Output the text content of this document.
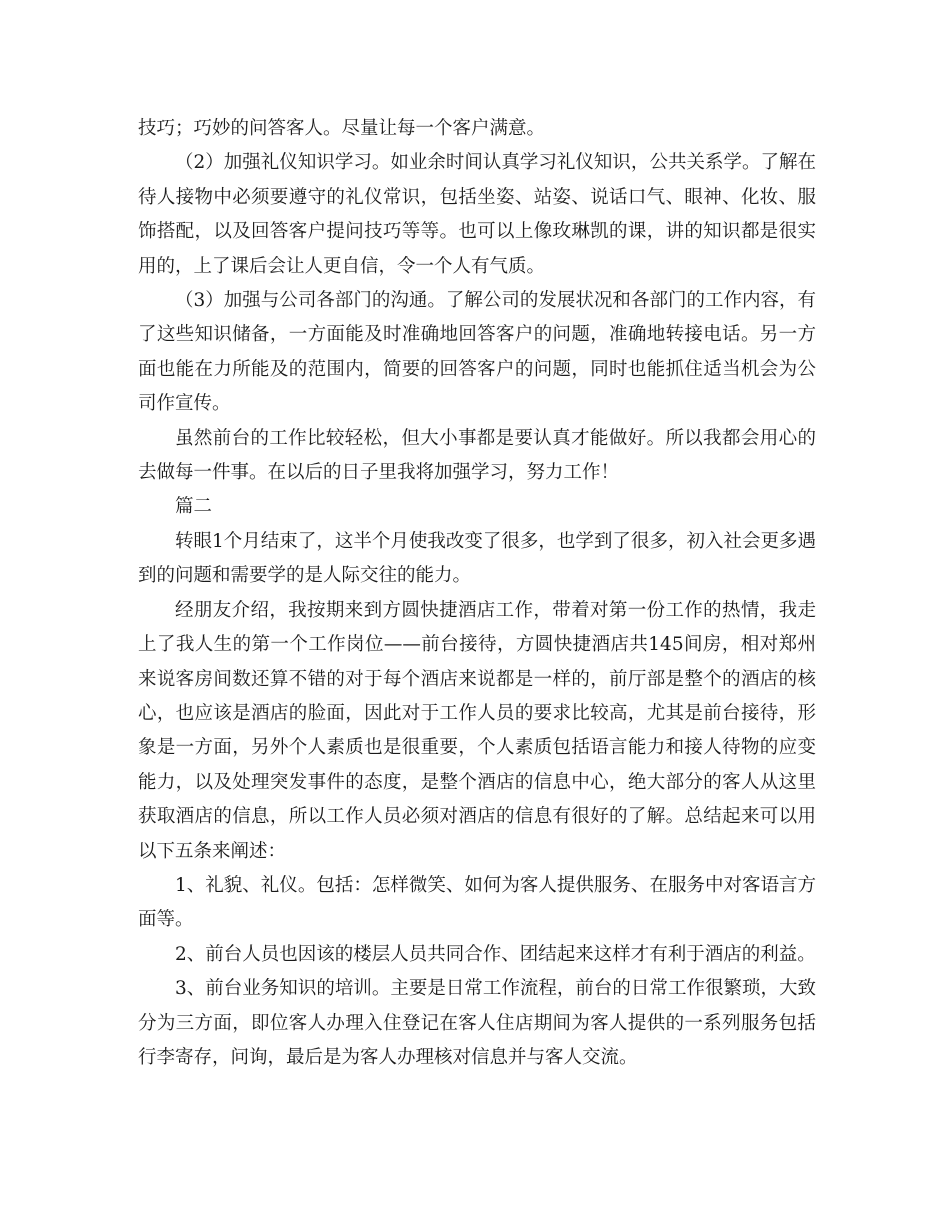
技巧；巧妙的问答客人。尽量让每一个客户满意。

（2）加强礼仪知识学习。如业余时间认真学习礼仪知识，公共关系学。了解在待人接物中必须要遵守的礼仪常识，包括坐姿、站姿、说话口气、眼神、化妆、服饰搭配，以及回答客户提问技巧等等。也可以上像玫琳凯的课，讲的知识都是很实用的，上了课后会让人更自信，令一个人有气质。

（3）加强与公司各部门的沟通。了解公司的发展状况和各部门的工作内容，有了这些知识储备，一方面能及时准确地回答客户的问题，准确地转接电话。另一方面也能在力所能及的范围内，简要的回答客户的问题，同时也能抓住适当机会为公司作宣传。

虽然前台的工作比较轻松，但大小事都是要认真才能做好。所以我都会用心的去做每一件事。在以后的日子里我将加强学习，努力工作！

篇二

转眼1个月结束了，这半个月使我改变了很多，也学到了很多，初入社会更多遇到的问题和需要学的是人际交往的能力。

经朋友介绍，我按期来到方圆快捷酒店工作，带着对第一份工作的热情，我走上了我人生的第一个工作岗位——前台接待，方圆快捷酒店共145间房，相对郑州来说客房间数还算不错的对于每个酒店来说都是一样的，前厅部是整个的酒店的核心，也应该是酒店的脸面，因此对于工作人员的要求比较高，尤其是前台接待，形象是一方面，另外个人素质也是很重要，个人素质包括语言能力和接人待物的应变能力，以及处理突发事件的态度，是整个酒店的信息中心，绝大部分的客人从这里获取酒店的信息，所以工作人员必须对酒店的信息有很好的了解。总结起来可以用以下五条来阐述：

1、礼貌、礼仪。包括：怎样微笑、如何为客人提供服务、在服务中对客语言方面等。

2、前台人员也因该的楼层人员共同合作、团结起来这样才有利于酒店的利益。

3、前台业务知识的培训。主要是日常工作流程，前台的日常工作很繁琐，大致分为三方面，即位客人办理入住登记在客人住店期间为客人提供的一系列服务包括行李寄存，问询，最后是为客人办理核对信息并与客人交流。
